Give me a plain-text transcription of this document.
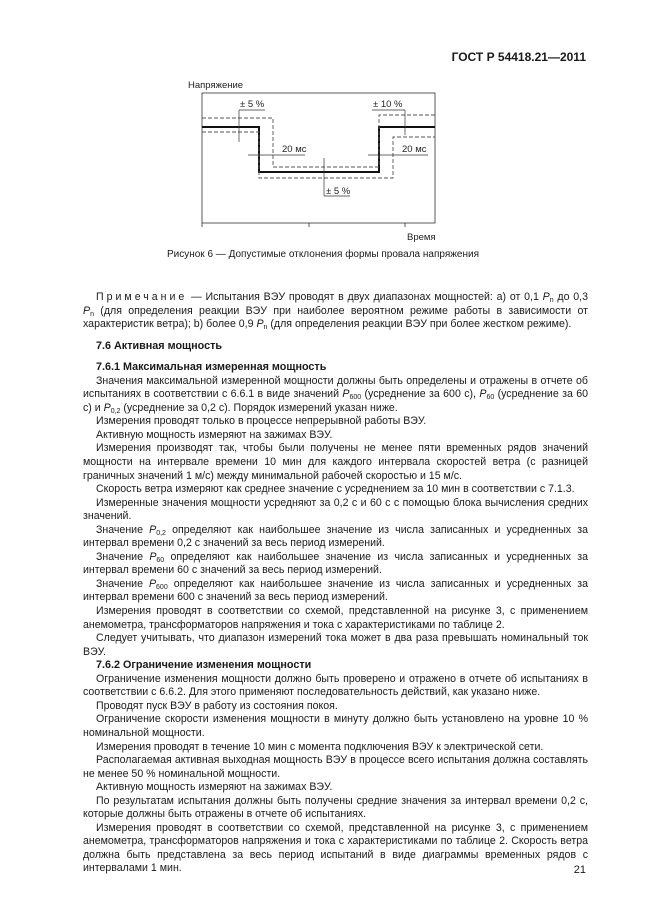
ГОСТ Р 54418.21—2011
Напряжение
± 5 %	± 10 %
± 5 %
20 мс	20 мс
Время
Рисунок 6 — Допустимые отклонения формы провала напряжения

Примечание — Испытания ВЭУ проводят в двух диапазонах мощностей: а) от 0,1 $P_n$ до 0,3 $P_n$ (для определения реакции ВЭУ при наиболее вероятном режиме работы в зависимости от характеристик ветра); b) более 0,9 $P_n$ (для определения реакции ВЭУ при более жестком режиме).

7.6 Активная мощность
7.6.1 Максимальная измеренная мощность

Значения максимальной измеренной мощности должны быть определены и отражены в отчете об испытаниях в соответствии с 6.6.1 в виде значений $P_{600}$ (усреднение за 600 с), $P_{60}$ (усреднение за 60 с) и $P_{0,2}$ (усреднение за 0,2 с). Порядок измерений указан ниже.

Измерения проводят только в процессе непрерывной работы ВЭУ.

Активную мощность измеряют на зажимах ВЭУ.

Измерения производят так, чтобы были получены не менее пяти временных рядов значений мощности на интервале времени 10 мин для каждого интервала скоростей ветра (с разницей граничных значений 1 м/с) между минимальной рабочей скоростью и 15 м/с.

Скорость ветра измеряют как среднее значение с усреднением за 10 мин в соответствии с 7.1.3.

Измеренные значения мощности усредняют за 0,2 с и 60 с с помощью блока вычисления средних значений.

Значение $P_{0,2}$ определяют как наибольшее значение из числа записанных и усредненных за интервал времени 0,2 с значений за весь период измерений.

Значение $P_{60}$ определяют как наибольшее значение из числа записанных и усредненных за интервал времени 60 с значений за весь период измерений.

Значение $P_{600}$ определяют как наибольшее значение из числа записанных и усредненных за интервал времени 600 с значений за весь период измерений.

Измерения проводят в соответствии со схемой, представленной на рисунке 3, с применением анемометра, трансформаторов напряжения и тока с характеристиками по таблице 2.

Следует учитывать, что диапазон измерений тока может в два раза превышать номинальный ток ВЭУ.

7.6.2 Ограничение изменения мощности

Ограничение изменения мощности должно быть проверено и отражено в отчете об испытаниях в соответствии с 6.6.2. Для этого применяют последовательность действий, как указано ниже.

Проводят пуск ВЭУ в работу из состояния покоя.

Ограничение скорости изменения мощности в минуту должно быть установлено на уровне 10 % номинальной мощности.

Измерения проводят в течение 10 мин с момента подключения ВЭУ к электрической сети.

Располагаемая активная выходная мощность ВЭУ в процессе всего испытания должна составлять не менее 50 % номинальной мощности.

Активную мощность измеряют на зажимах ВЭУ.

По результатам испытания должны быть получены средние значения за интервал времени 0,2 с, которые должны быть отражены в отчете об испытаниях.

Измерения проводят в соответствии со схемой, представленной на рисунке 3, с применением анемометра, трансформаторов напряжения и тока с характеристиками по таблице 2. Скорость ветра должна быть представлена за весь период испытаний в виде диаграммы временных рядов с интервалами 1 мин.	21
